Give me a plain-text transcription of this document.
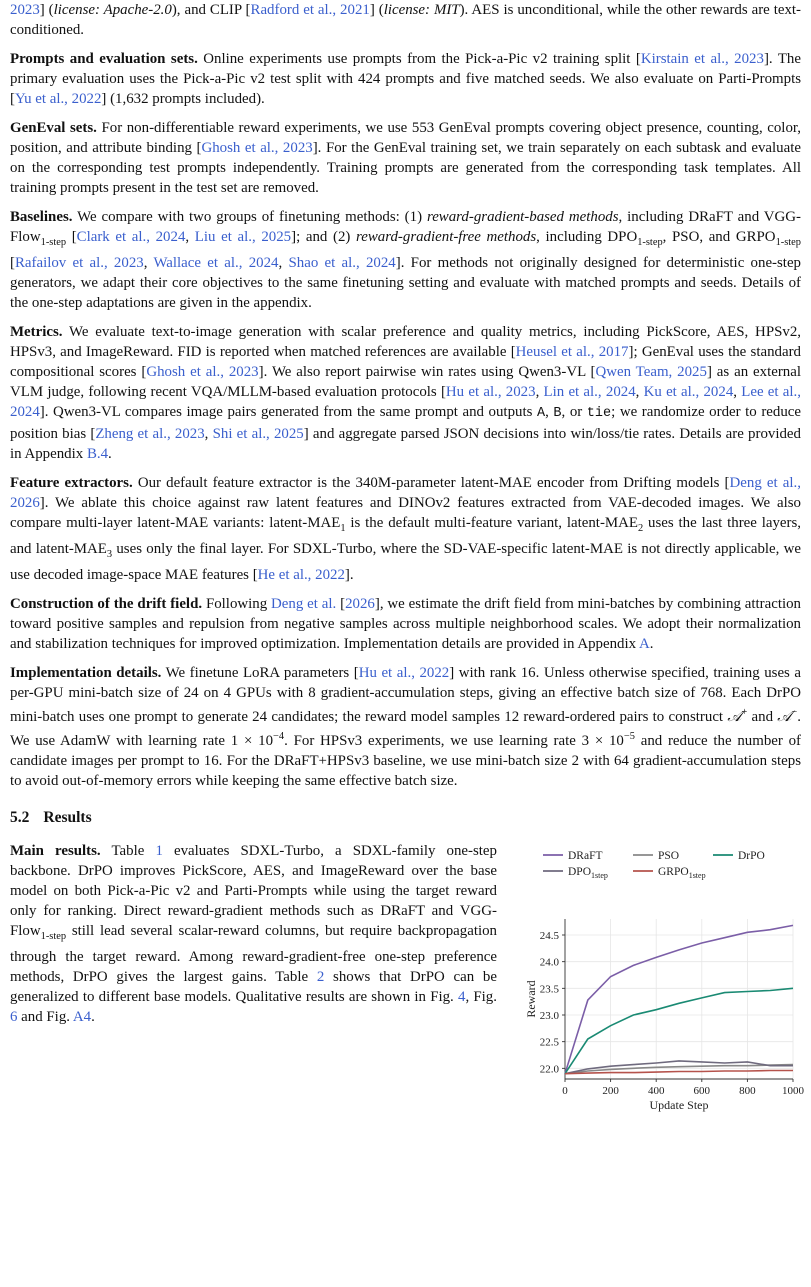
2023] (license: Apache-2.0), and CLIP [Radford et al., 2021] (license: MIT). AES is unconditional, while the other rewards are text-conditioned.

Prompts and evaluation sets. Online experiments use prompts from the Pick-a-Pic v2 training split [Kirstain et al., 2023]. The primary evaluation uses the Pick-a-Pic v2 test split with 424 prompts and five matched seeds. We also evaluate on Parti-Prompts [Yu et al., 2022] (1,632 prompts included).

GenEval sets. For non-differentiable reward experiments, we use 553 GenEval prompts covering object presence, counting, color, position, and attribute binding [Ghosh et al., 2023]. For the GenEval training set, we train separately on each subtask and evaluate on the corresponding test prompts independently. Training prompts are generated from the corresponding task templates. All training prompts present in the test set are removed.

Baselines. We compare with two groups of finetuning methods: (1) reward-gradient-based methods, including DRaFT and VGG-Flow$_{1-step}$ [Clark et al., 2024, Liu et al., 2025]; and (2) reward-gradient-free methods, including $DPO_{1-step}$, PSO, and $GRPO_{1-step}$ [Rafailov et al., 2023, Wallace et al., 2024, Shao et al., 2024]. For methods not originally designed for deterministic one-step generators, we adapt their core objectives to the same finetuning setting and evaluate with matched prompts and seeds. Details of the one-step adaptations are given in the appendix.

Metrics. We evaluate text-to-image generation with scalar preference and quality metrics, including PickScore, AES, HPSv2, HPSv3, and ImageReward. FID is reported when matched references are available [Heusel et al., 2017]; GenEval uses the standard compositional scores [Ghosh et al., 2023]. We also report pairwise win rates using Qwen3-VL [Qwen Team, 2025] as an external VLM judge, following recent VQA/MLLM-based evaluation protocols [Hu et al., 2023, Lin et al., 2024, Ku et al., 2024, Lee et al., 2024]. Qwen3-VL compares image pairs generated from the same prompt and outputs A, B, or tie; we randomize order to reduce position bias [Zheng et al., 2023, Shi et al., 2025] and aggregate parsed JSON decisions into win/loss/tie rates. Details are provided in Appendix B.4.

Feature extractors. Our default feature extractor is the 340M-parameter latent-MAE encoder from Drifting models [Deng et al., 2026]. We ablate this choice against raw latent features and DINOv2 features extracted from VAE-decoded images. We also compare multi-layer latent-MAE variants: latent-$MAE_1$ is the default multi-feature variant, latent-$MAE_2$ uses the last three layers, and latent-$MAE_3$ uses only the final layer. For SDXL-Turbo, where the SD-VAE-specific latent-MAE is not directly applicable, we use decoded image-space MAE features [He et al., 2022].

Construction of the drift field. Following Deng et al. [2026], we estimate the drift field from mini-batches by combining attraction toward positive samples and repulsion from negative samples across multiple neighborhood scales. We adopt their normalization and stabilization techniques for improved optimization. Implementation details are provided in Appendix A.

Implementation details. We finetune LoRA parameters [Hu et al., 2022] with rank 16. Unless otherwise specified, training uses a per-GPU mini-batch size of 24 on 4 GPUs with 8 gradient-accumulation steps, giving an effective batch size of 768. Each DrPO mini-batch uses one prompt to generate 24 candidates; the reward model samples 12 reward-ordered pairs to construct 𝒜+ and 𝒜−. We use AdamW with learning rate $1 \times 10^{-4}$. For HPSv3 experiments, we use learning rate $3 \times 10^{-5}$ and reduce the number of candidate images per prompt to 16. For the DRaFT+HPSv3 baseline, we use mini-batch size 2 with 64 gradient-accumulation steps to avoid out-of-memory errors while keeping the same effective batch size.

5.2 Results

Main results. Table 1 evaluates SDXL-Turbo, a SDXL-family one-step backbone. DrPO improves PickScore, AES, and ImageReward over the base model on both Pick-a-Pic v2 and Parti-Prompts while using the target reward only for ranking. Direct reward-gradient methods such as DRaFT and VGG-Flow$_{1-step}$ still lead several scalar-reward columns, but require backpropagation through the target reward. Among reward-gradient-free one-step preference methods, DrPO gives the largest gains. Table 2 shows that DrPO can be generalized to different base models. Qualitative results are shown in Fig. 4, Fig. 6 and Fig. A4.

22.0
22.5
23.0
23.5
24.0
24.5
0	200	400	600	800 1000
Update Step
Reward
DRaFT	PSO	DrPO
$DPO_{1step}$	$GRPO_{1step}$
